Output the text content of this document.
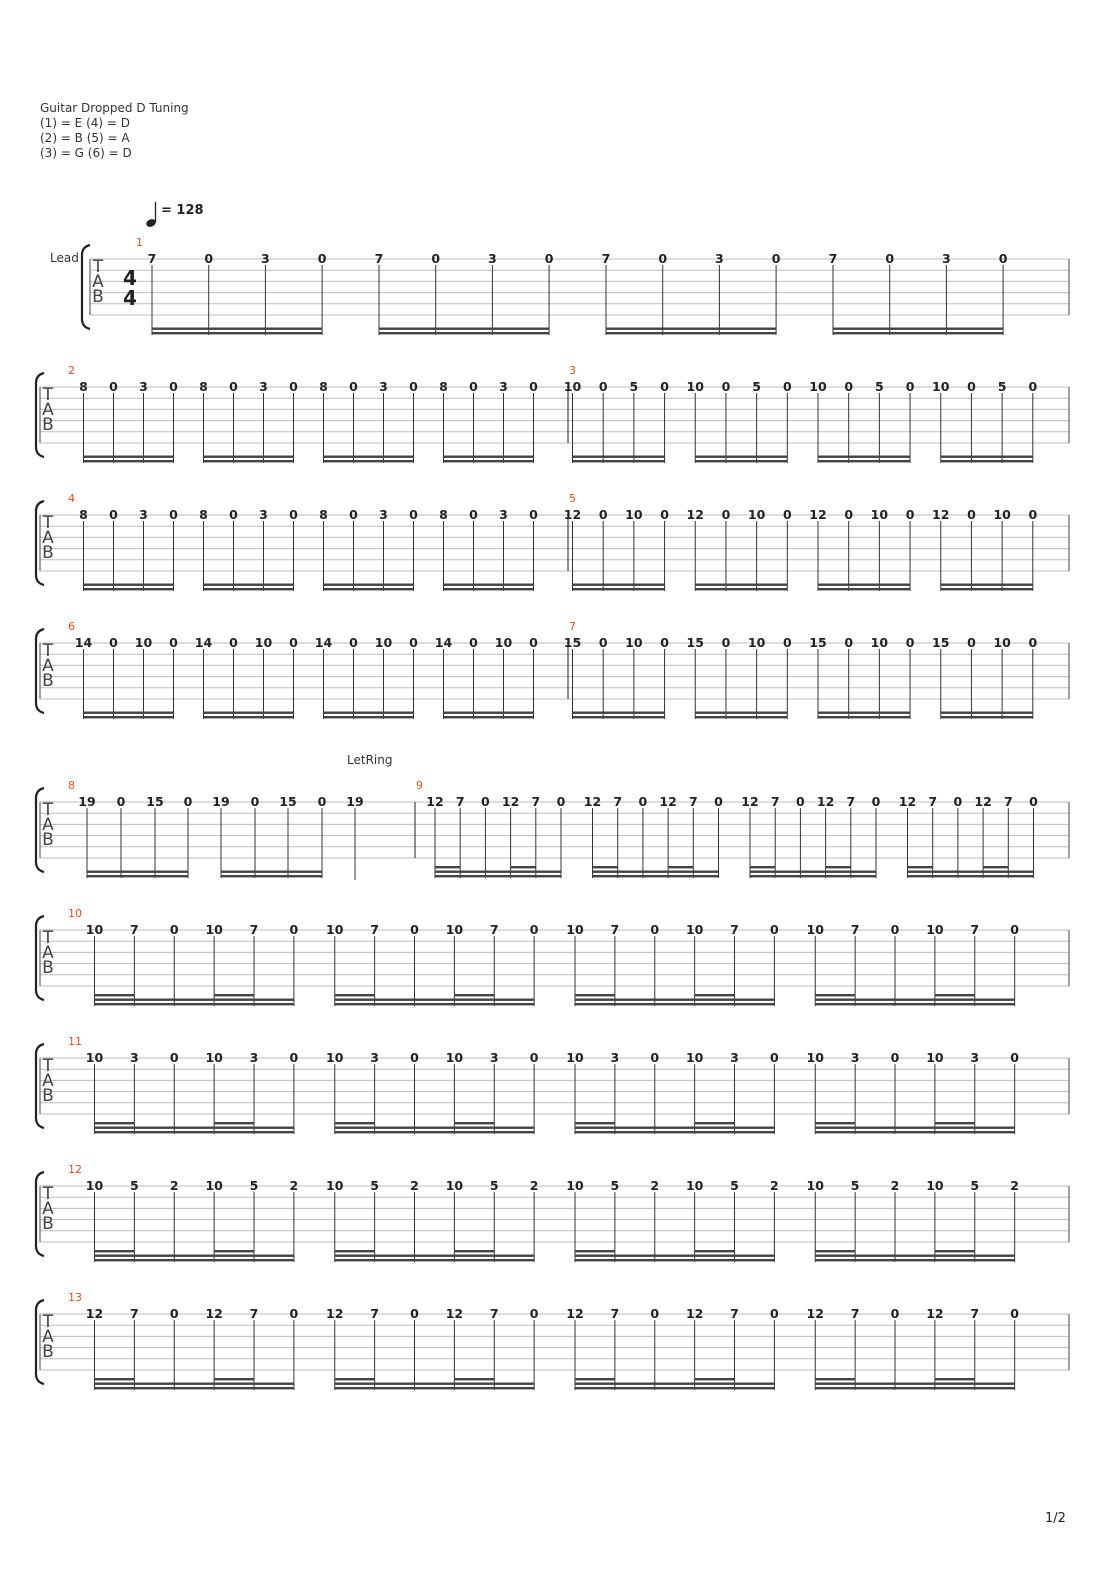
Guitar Dropped D Tuning
(1) = E (4) = D
(2) = B (5) = A
(3) = G (6) = D
= 128
Lead
LetRing
T
A
B
4
4
1
7	0	3	0	7	0	3	0	7	0	3	0	7	0	3	0
T
A
B
2
8 0 3 0 8 0 3 0 8 0 3 0 8 0 3 0
3
10 0 5 0 10 0 5 0 10 0 5 0 10 0 5 0
T
A
B
4
8 0 3 0 8 0 3 0 8 0 3 0 8 0 3 0
5
12 0 10 0 12 0 10 0 12 0 10 0 12 0 10 0
T
A
B
6
14 0 10 0 14 0 10 0 14 0 10 0 14 0 10 0
7
15 0 10 0 15 0 10 0 15 0 10 0 15 0 10 0
T
A
B
8
19 0 15 0 19 0 15 0 19
9
12 7 0 12 7 0 12 7 0 12 7 0 12 7 0 12 7 0 12 7 0 12 7 0
T
A
B
10
10 7 0 10 7 0 10 7 0 10 7 0 10 7 0 10 7 0 10 7 0 10 7 0
T
A
B
11
10 3 0 10 3 0 10 3 0 10 3 0 10 3 0 10 3 0 10 3 0 10 3 0
T
A
B
12
10 5 2 10 5 2 10 5 2 10 5 2 10 5 2 10 5 2 10 5 2 10 5 2
T
A
B
13
12 7 0 12 7 0 12 7 0 12 7 0 12 7 0 12 7 0 12 7 0 12 7 0
1/2
